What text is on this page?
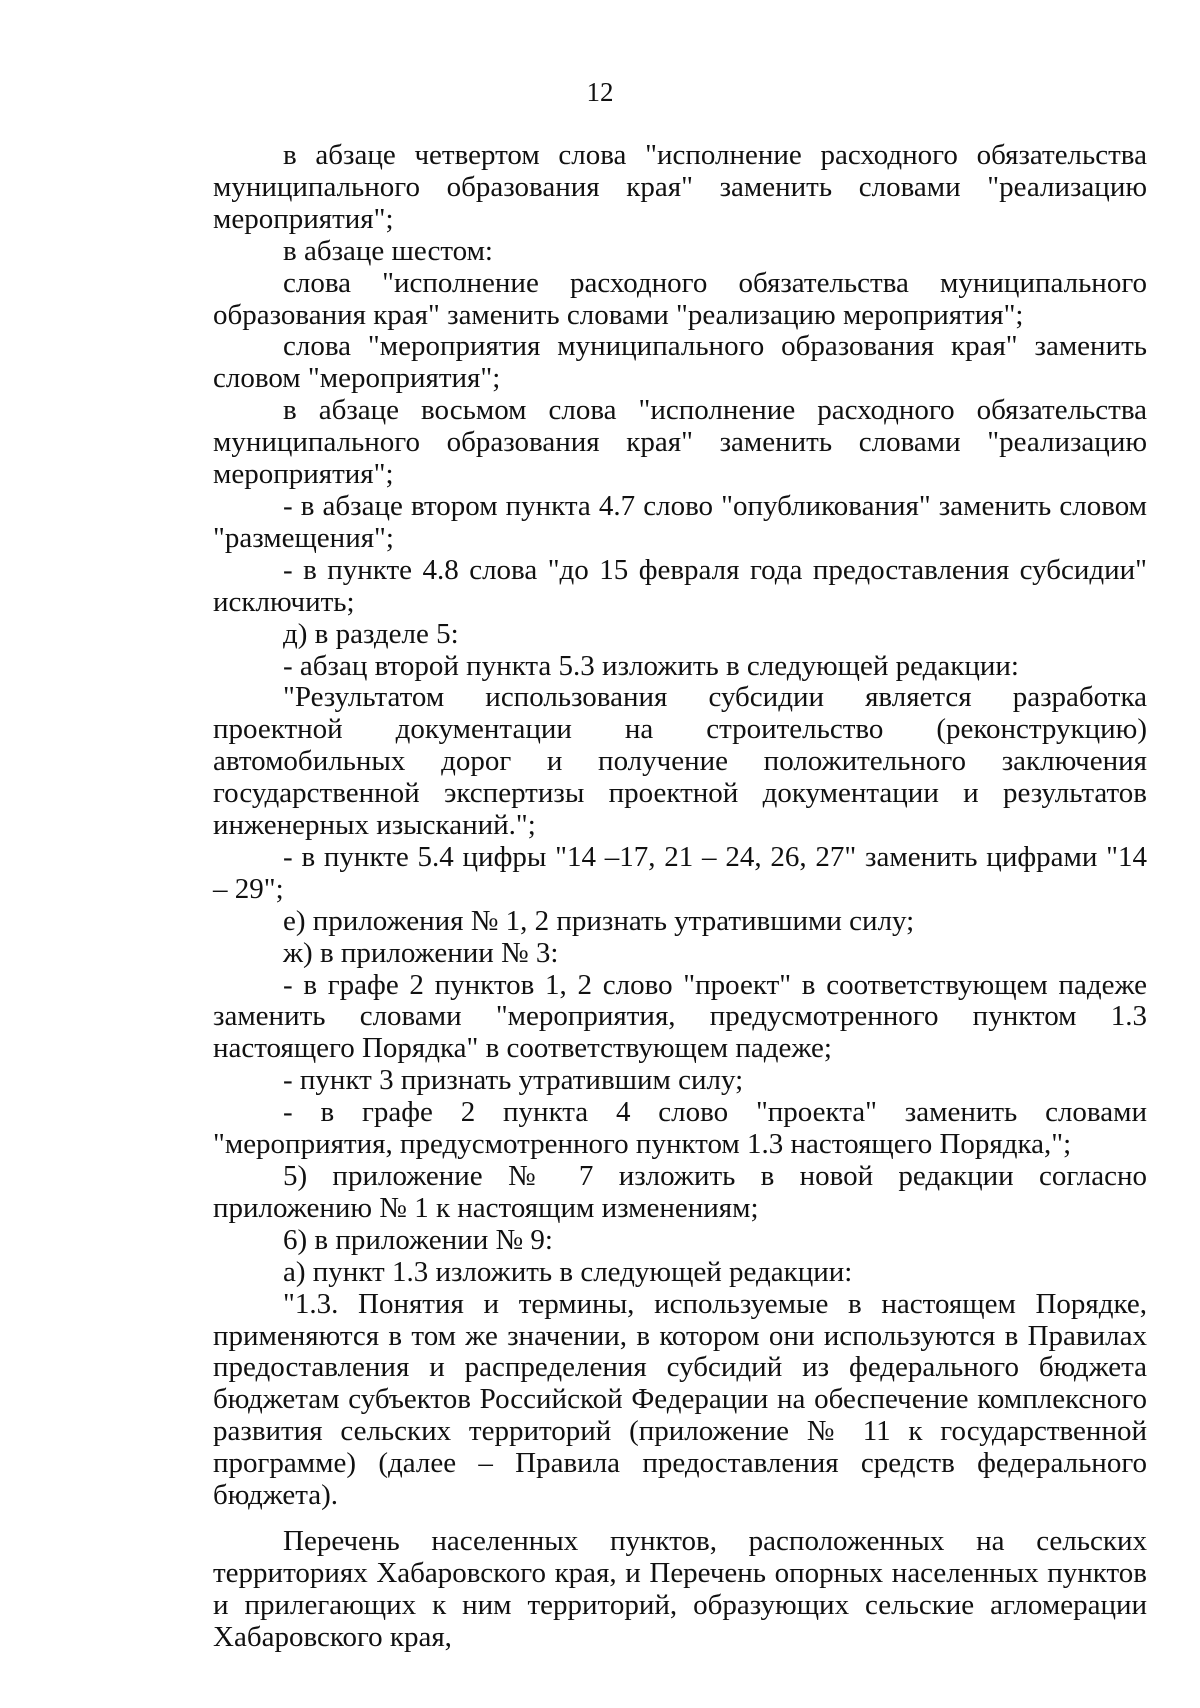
12

в абзаце четвертом слова "исполнение расходного обязательства муниципального образования края" заменить словами "реализацию мероприятия";

в абзаце шестом:

слова "исполнение расходного обязательства муниципального образования края" заменить словами "реализацию мероприятия";

слова "мероприятия муниципального образования края" заменить словом "мероприятия";

в абзаце восьмом слова "исполнение расходного обязательства муниципального образования края" заменить словами "реализацию мероприятия";

- в абзаце втором пункта 4.7 слово "опубликования" заменить словом "размещения";

- в пункте 4.8 слова "до 15 февраля года предоставления субсидии" исключить;

д) в разделе 5:

- абзац второй пункта 5.3 изложить в следующей редакции:

"Результатом использования субсидии является разработка проектной документации на строительство (реконструкцию) автомобильных дорог и получение положительного заключения государственной экспертизы проектной документации и результатов инженерных изысканий.";

- в пункте 5.4 цифры "14 –17, 21 – 24, 26, 27" заменить цифрами "14 – 29";

е) приложения № 1, 2 признать утратившими силу;

ж) в приложении № 3:

- в графе 2 пунктов 1, 2 слово "проект" в соответствующем падеже заменить словами "мероприятия, предусмотренного пунктом 1.3 настоящего Порядка" в соответствующем падеже;

- пункт 3 признать утратившим силу;

- в графе 2 пункта 4 слово "проекта" заменить словами "мероприятия, предусмотренного пунктом 1.3 настоящего Порядка,";

5) приложение № 7 изложить в новой редакции согласно приложению № 1 к настоящим изменениям;

6) в приложении № 9:

а) пункт 1.3 изложить в следующей редакции:

"1.3. Понятия и термины, используемые в настоящем Порядке, применяются в том же значении, в котором они используются в Правилах предоставления и распределения субсидий из федерального бюджета бюджетам субъектов Российской Федерации на обеспечение комплексного развития сельских территорий (приложение № 11 к государственной программе) (далее – Правила предоставления средств федерального бюджета).

Перечень населенных пунктов, расположенных на сельских территориях Хабаровского края, и Перечень опорных населенных пунктов и прилегающих к ним территорий, образующих сельские агломерации Хабаровского края,
